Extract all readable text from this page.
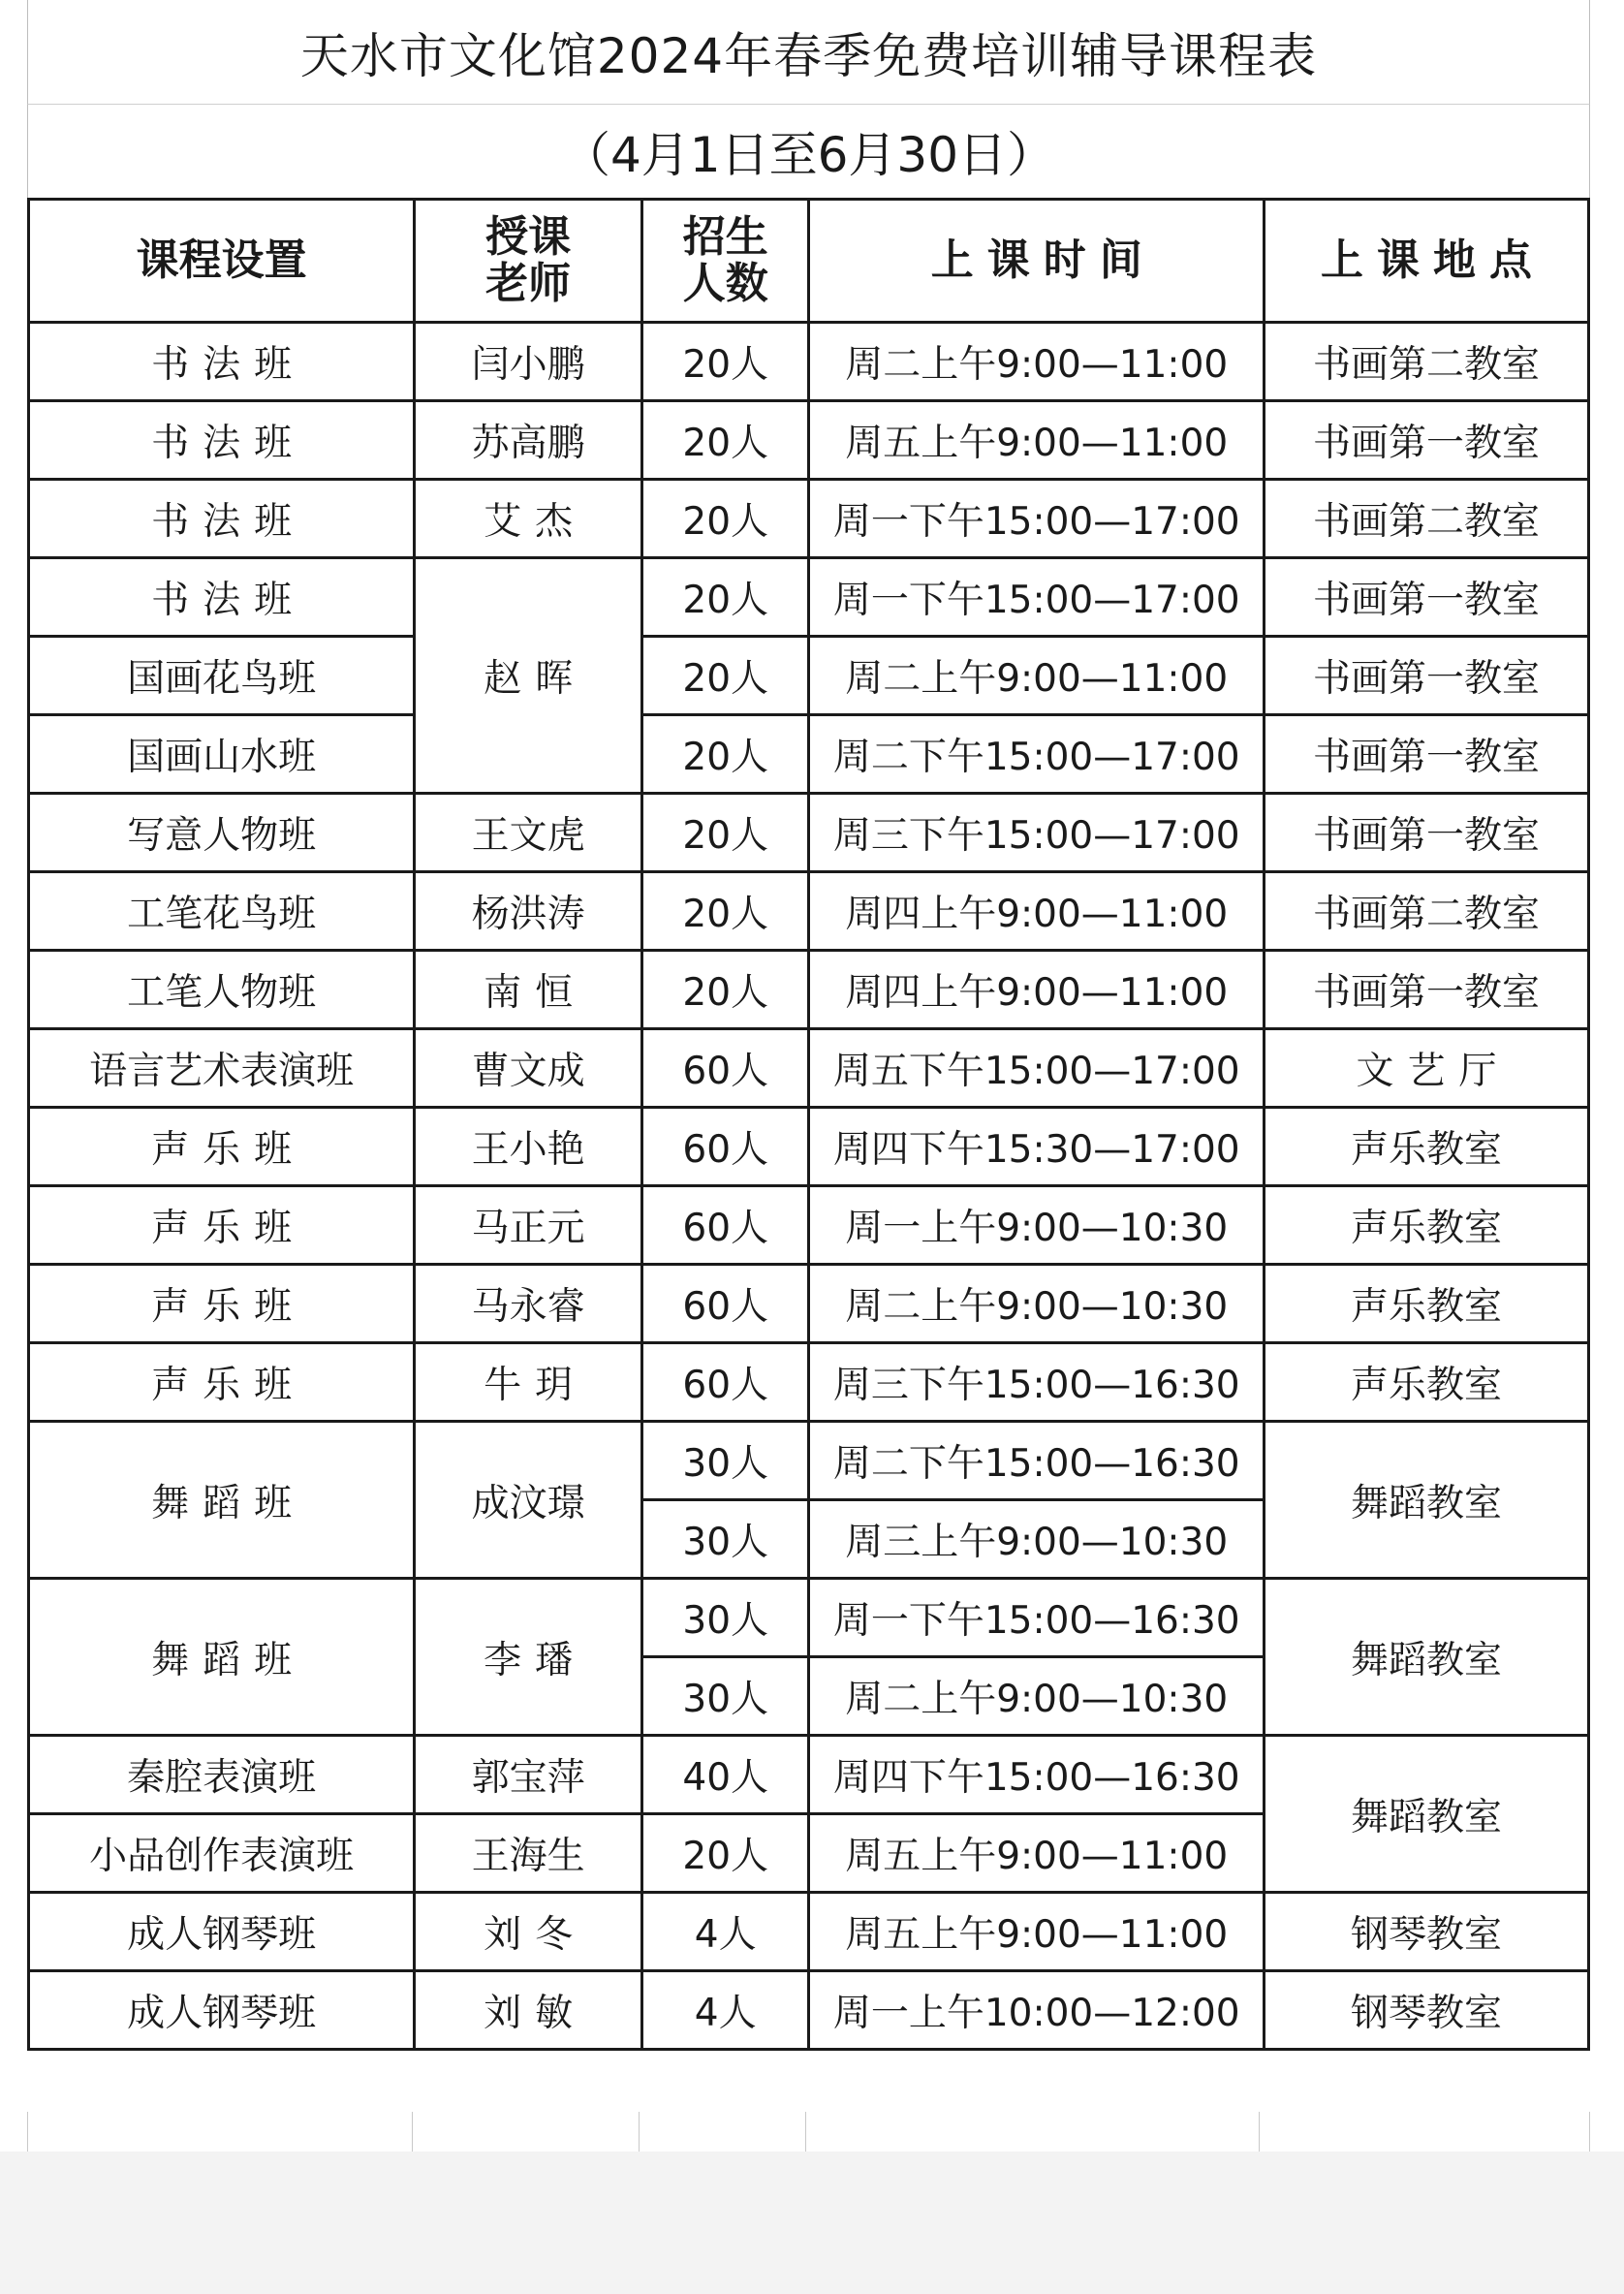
天水市文化馆2024年春季免费培训辅导课程表
（4月1日至6月30日）
课程设置	授课老师	招生人数	上课时间	上课地点
书法班	闫小鹏	20人	周二上午9:00—11:00	书画第二教室
书法班	苏高鹏	20人	周五上午9:00—11:00	书画第一教室
书法班	艾杰	20人	周一下午15:00—17:00	书画第二教室
书法班	赵晖	20人	周一下午15:00—17:00	书画第一教室
国画花鸟班		20人	周二上午9:00—11:00	书画第一教室
国画山水班		20人	周二下午15:00—17:00	书画第一教室
写意人物班	王文虎	20人	周三下午15:00—17:00	书画第一教室
工笔花鸟班	杨洪涛	20人	周四上午9:00—11:00	书画第二教室
工笔人物班	南恒	20人	周四上午9:00—11:00	书画第一教室
语言艺术表演班	曹文成	60人	周五下午15:00—17:00	文艺厅
声乐班	王小艳	60人	周四下午15:30—17:00	声乐教室
声乐班	马正元	60人	周一上午9:00—10:30	声乐教室
声乐班	马永睿	60人	周二上午9:00—10:30	声乐教室
声乐班	牛玥	60人	周三下午15:00—16:30	声乐教室
舞蹈班	成汶璟	30人	周二下午15:00—16:30	舞蹈教室
		30人	周三上午9:00—10:30	
舞蹈班	李璠	30人	周一下午15:00—16:30	舞蹈教室
		30人	周二上午9:00—10:30	
秦腔表演班	郭宝萍	40人	周四下午15:00—16:30	舞蹈教室
小品创作表演班	王海生	20人	周五上午9:00—11:00	
成人钢琴班	刘冬	4人	周五上午9:00—11:00	钢琴教室
成人钢琴班	刘敏	4人	周一上午10:00—12:00	钢琴教室
